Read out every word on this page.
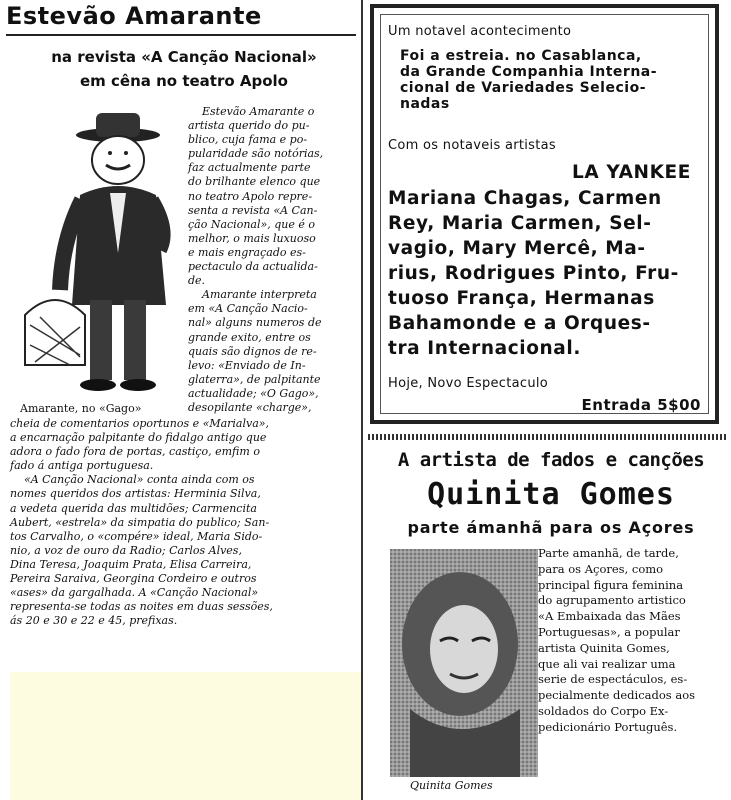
Estevão Amarante
na revista «A Canção Nacional»
em cêna no teatro Apolo
Estevão Amarante o
artista querido do pu-
blico, cuja fama e po-
pularidade são notórias,
faz actualmente parte
do brilhante elenco que
no teatro Apolo repre-
senta a revista «A Can-
ção Nacional», que é o
melhor, o mais luxuoso
e mais engraçado es-
pectaculo da actualida-
de.
Amarante interpreta
em «A Canção Nacio-
nal» alguns numeros de
grande exito, entre os
quais são dignos de re-
levo: «Enviado de In-
glaterra», de palpitante
actualidade; «O Gago»,
desopilante «charge»,
Amarante, no «Gago»
cheia de comentarios oportunos e «Marialva»,
a encarnação palpitante do fidalgo antigo que
adora o fado fora de portas, castiço, emfim o
fado á antiga portuguesa.
«A Canção Nacional» conta ainda com os
nomes queridos dos artistas: Herminia Silva,
a vedeta querida das multidões; Carmencita
Aubert, «estrela» da simpatia do publico; San-
tos Carvalho, o «compére» ideal, Maria Sido-
nio, a voz de ouro da Radio; Carlos Alves,
Dina Teresa, Joaquim Prata, Elisa Carreira,
Pereira Saraiva, Georgina Cordeiro e outros
«ases» da gargalhada. A «Canção Nacional»
representa-se todas as noites em duas sessões,
ás 20 e 30 e 22 e 45, prefixas.
Um notavel acontecimento
Foi a estreia. no Casablanca,
da Grande Companhia Interna-
cional de Variedades Selecio-
nadas
Com os notaveis artistas
LA YANKEE
Mariana Chagas, Carmen
Rey, Maria Carmen, Sel-
vagio, Mary Mercê, Ma-
rius, Rodrigues Pinto, Fru-
tuoso França, Hermanas
Bahamonde e a Orques-
tra Internacional.
Hoje, Novo Espectaculo
Entrada 5$00
A artista de fados e canções
Quinita Gomes
parte ámanhã para os Açores
Parte amanhã, de tarde,
para os Açores, como
principal figura feminina
do agrupamento artistico
«A Embaixada das Mães
Portuguesas», a popular
artista Quinita Gomes,
que ali vai realizar uma
serie de espectáculos, es-
pecialmente dedicados aos
soldados do Corpo Ex-
pedicionário Português.
Quinita Gomes
